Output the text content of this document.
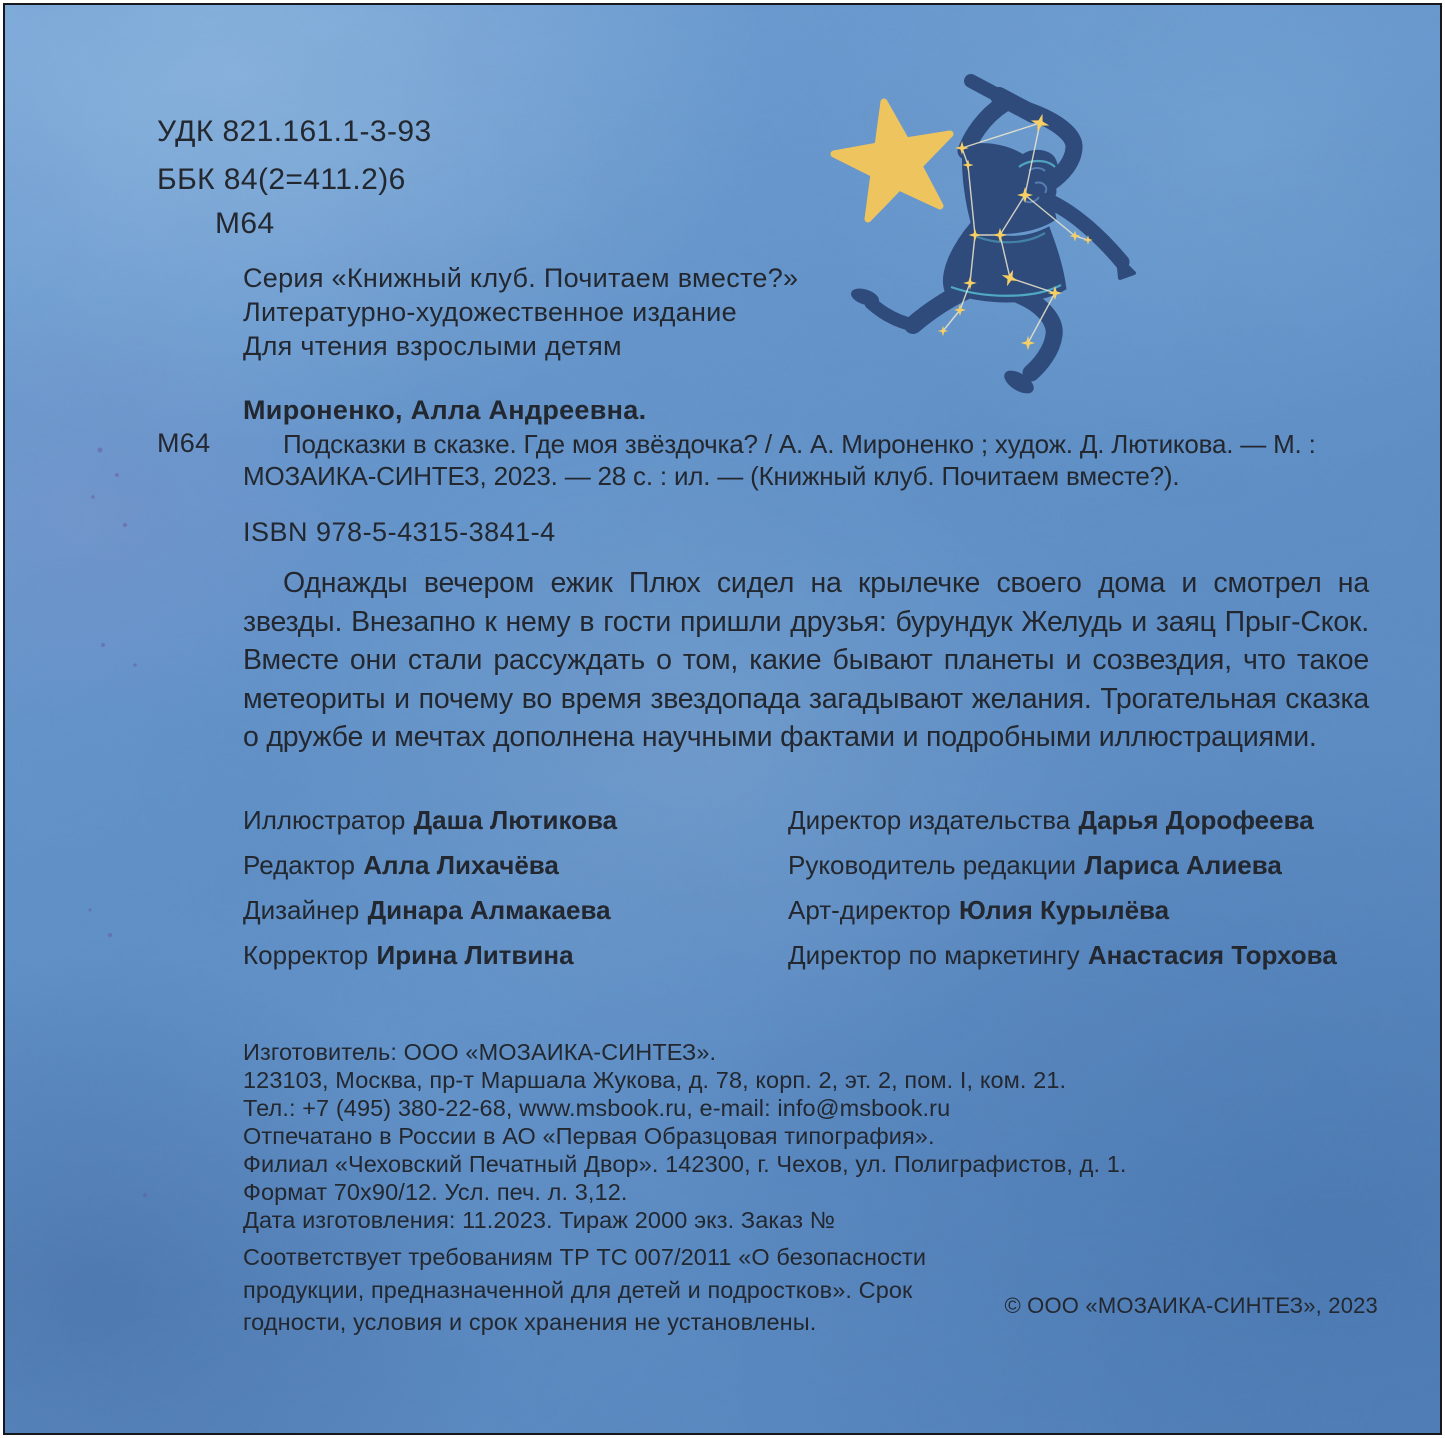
УДК 821.161.1-3-93
ББК 84(2=411.2)6
М64
Серия «Книжный клуб. Почитаем вместе?»
Литературно-художественное издание
Для чтения взрослыми детям
Мироненко, Алла Андреевна.
М64	Подсказки в сказке. Где моя звёздочка? / А. А. Мироненко ; худож. Д. Лютикова. — М. : МОЗАИКА-СИНТЕЗ, 2023. — 28 с. : ил. — (Книжный клуб. Почитаем вместе?).
ISBN 978-5-4315-3841-4
Однажды вечером ежик Плюх сидел на крылечке своего дома и смотрел на звезды. Внезапно к нему в гости пришли друзья: бурундук Желудь и заяц Прыг-Скок. Вместе они стали рассуждать о том, какие бывают планеты и созвездия, что такое метеориты и почему во время звездопада загадывают желания. Трогательная сказка о дружбе и мечтах дополнена научными фактами и подробными иллюстрациями.
Иллюстратор Даша Лютикова
Редактор Алла Лихачёва
Дизайнер Динара Алмакаева
Корректор Ирина Литвина
Директор издательства Дарья Дорофеева
Руководитель редакции Лариса Алиева
Арт-директор Юлия Курылёва
Директор по маркетингу Анастасия Торхова
Изготовитель: ООО «МОЗАИКА-СИНТЕЗ».
123103, Москва, пр-т Маршала Жукова, д. 78, корп. 2, эт. 2, пом. I, ком. 21.
Тел.: +7 (495) 380-22-68, www.msbook.ru, e-mail: info@msbook.ru
Отпечатано в России в АО «Первая Образцовая типография».
Филиал «Чеховский Печатный Двор». 142300, г. Чехов, ул. Полиграфистов, д. 1.
Формат 70х90/12. Усл. печ. л. 3,12.
Дата изготовления: 11.2023. Тираж 2000 экз. Заказ №
Соответствует требованиям ТР ТС 007/2011 «О безопасности продукции, предназначенной для детей и подростков». Срок годности, условия и срок хранения не установлены.
© ООО «МОЗАИКА-СИНТЕЗ», 2023
